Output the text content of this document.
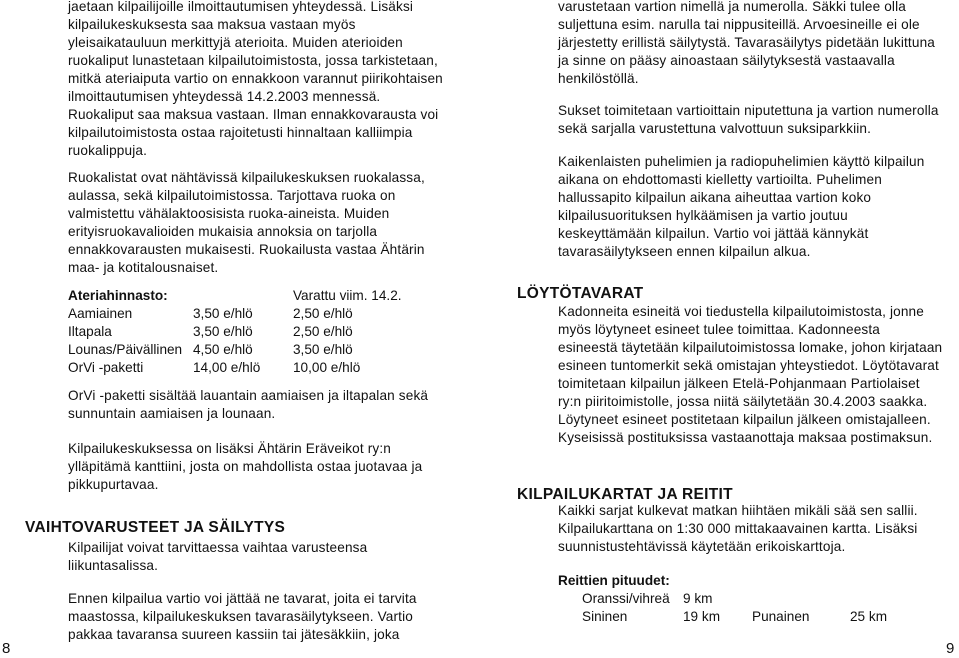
jaetaan kilpailijoille ilmoittautumisen yhteydessä. Lisäksi kilpailukeskuksesta saa maksua vastaan myös yleisaikatauluun merkittyjä aterioita. Muiden aterioiden ruokaliput lunastetaan kilpailutoimistosta, jossa tarkistetaan, mitkä ateriaiputa vartio on ennakkoon varannut piirikohtaisen ilmoittautumisen yhteydessä 14.2.2003 mennessä. Ruokaliput saa maksua vastaan. Ilman ennakkovarausta voi kilpailutoimistosta ostaa rajoitetusti hinnaltaan kalliimpia ruokalippuja.

Ruokalistat ovat nähtävissä kilpailukeskuksen ruokalassa, aulassa, sekä kilpailutoimistossa. Tarjottava ruoka on valmistettu vähälaktoosisista ruoka-aineista. Muiden erityisruokavalioiden mukaisia annoksia on tarjolla ennakkovarausten mukaisesti. Ruokailusta vastaa Ähtärin maa- ja kotitalousnaiset.

Ateriahinnasto:	Varattu viim. 14.2.
Aamiainen	3,50 e/hlö	2,50 e/hlö
Iltapala	3,50 e/hlö	2,50 e/hlö
Lounas/Päivällinen 4,50 e/hlö	3,50 e/hlö
OrVi -paketti	14,00 e/hlö 10,00 e/hlö

OrVi -paketti sisältää lauantain aamiaisen ja iltapalan sekä sunnuntain aamiaisen ja lounaan.

Kilpailukeskuksessa on lisäksi Ähtärin Eräveikot ry:n ylläpitämä kanttiini, josta on mahdollista ostaa juotavaa ja pikkupurtavaa.

VAIHTOVARUSTEET JA SÄILYTYS

Kilpailijat voivat tarvittaessa vaihtaa varusteensa liikuntasalissa.

Ennen kilpailua vartio voi jättää ne tavarat, joita ei tarvita maastossa, kilpailukeskuksen tavarasäilytykseen. Vartio pakkaa tavaransa suureen kassiin tai jätesäkkiin, joka

8

varustetaan vartion nimellä ja numerolla. Säkki tulee olla suljettuna esim. narulla tai nippusiteillä. Arvoesineille ei ole järjestetty erillistä säilytystä. Tavarasäilytys pidetään lukittuna ja sinne on pääsy ainoastaan säilytyksestä vastaavalla henkilöstöllä.

Sukset toimitetaan vartioittain niputettuna ja vartion numerolla sekä sarjalla varustettuna valvottuun suksiparkkiin.

Kaikenlaisten puhelimien ja radiopuhelimien käyttö kilpailun aikana on ehdottomasti kielletty vartioilta. Puhelimen hallussapito kilpailun aikana aiheuttaa vartion koko kilpailusuorituksen hylkäämisen ja vartio joutuu keskeyttämään kilpailun. Vartio voi jättää kännykät tavarasäilytykseen ennen kilpailun alkua.

LÖYTÖTAVARAT

Kadonneita esineitä voi tiedustella kilpailutoimistosta, jonne myös löytyneet esineet tulee toimittaa. Kadonneesta esineestä täytetään kilpailutoimistossa lomake, johon kirjataan esineen tuntomerkit sekä omistajan yhteystiedot. Löytötavarat toimitetaan kilpailun jälkeen Etelä-Pohjanmaan Partiolaiset ry:n piiritoimistolle, jossa niitä säilytetään 30.4.2003 saakka. Löytyneet esineet postitetaan kilpailun jälkeen omistajalleen. Kyseisissä postituksissa vastaanottaja maksaa postimaksun.

KILPAILUKARTAT JA REITIT

Kaikki sarjat kulkevat matkan hiihtäen mikäli sää sen sallii. Kilpailukarttana on 1:30 000 mittakaavainen kartta. Lisäksi suunnistustehtävissä käytetään erikoiskarttoja.

Reittien pituudet:
Oranssi/vihreä 9 km
Sininen	19 km Punainen	25 km
9
